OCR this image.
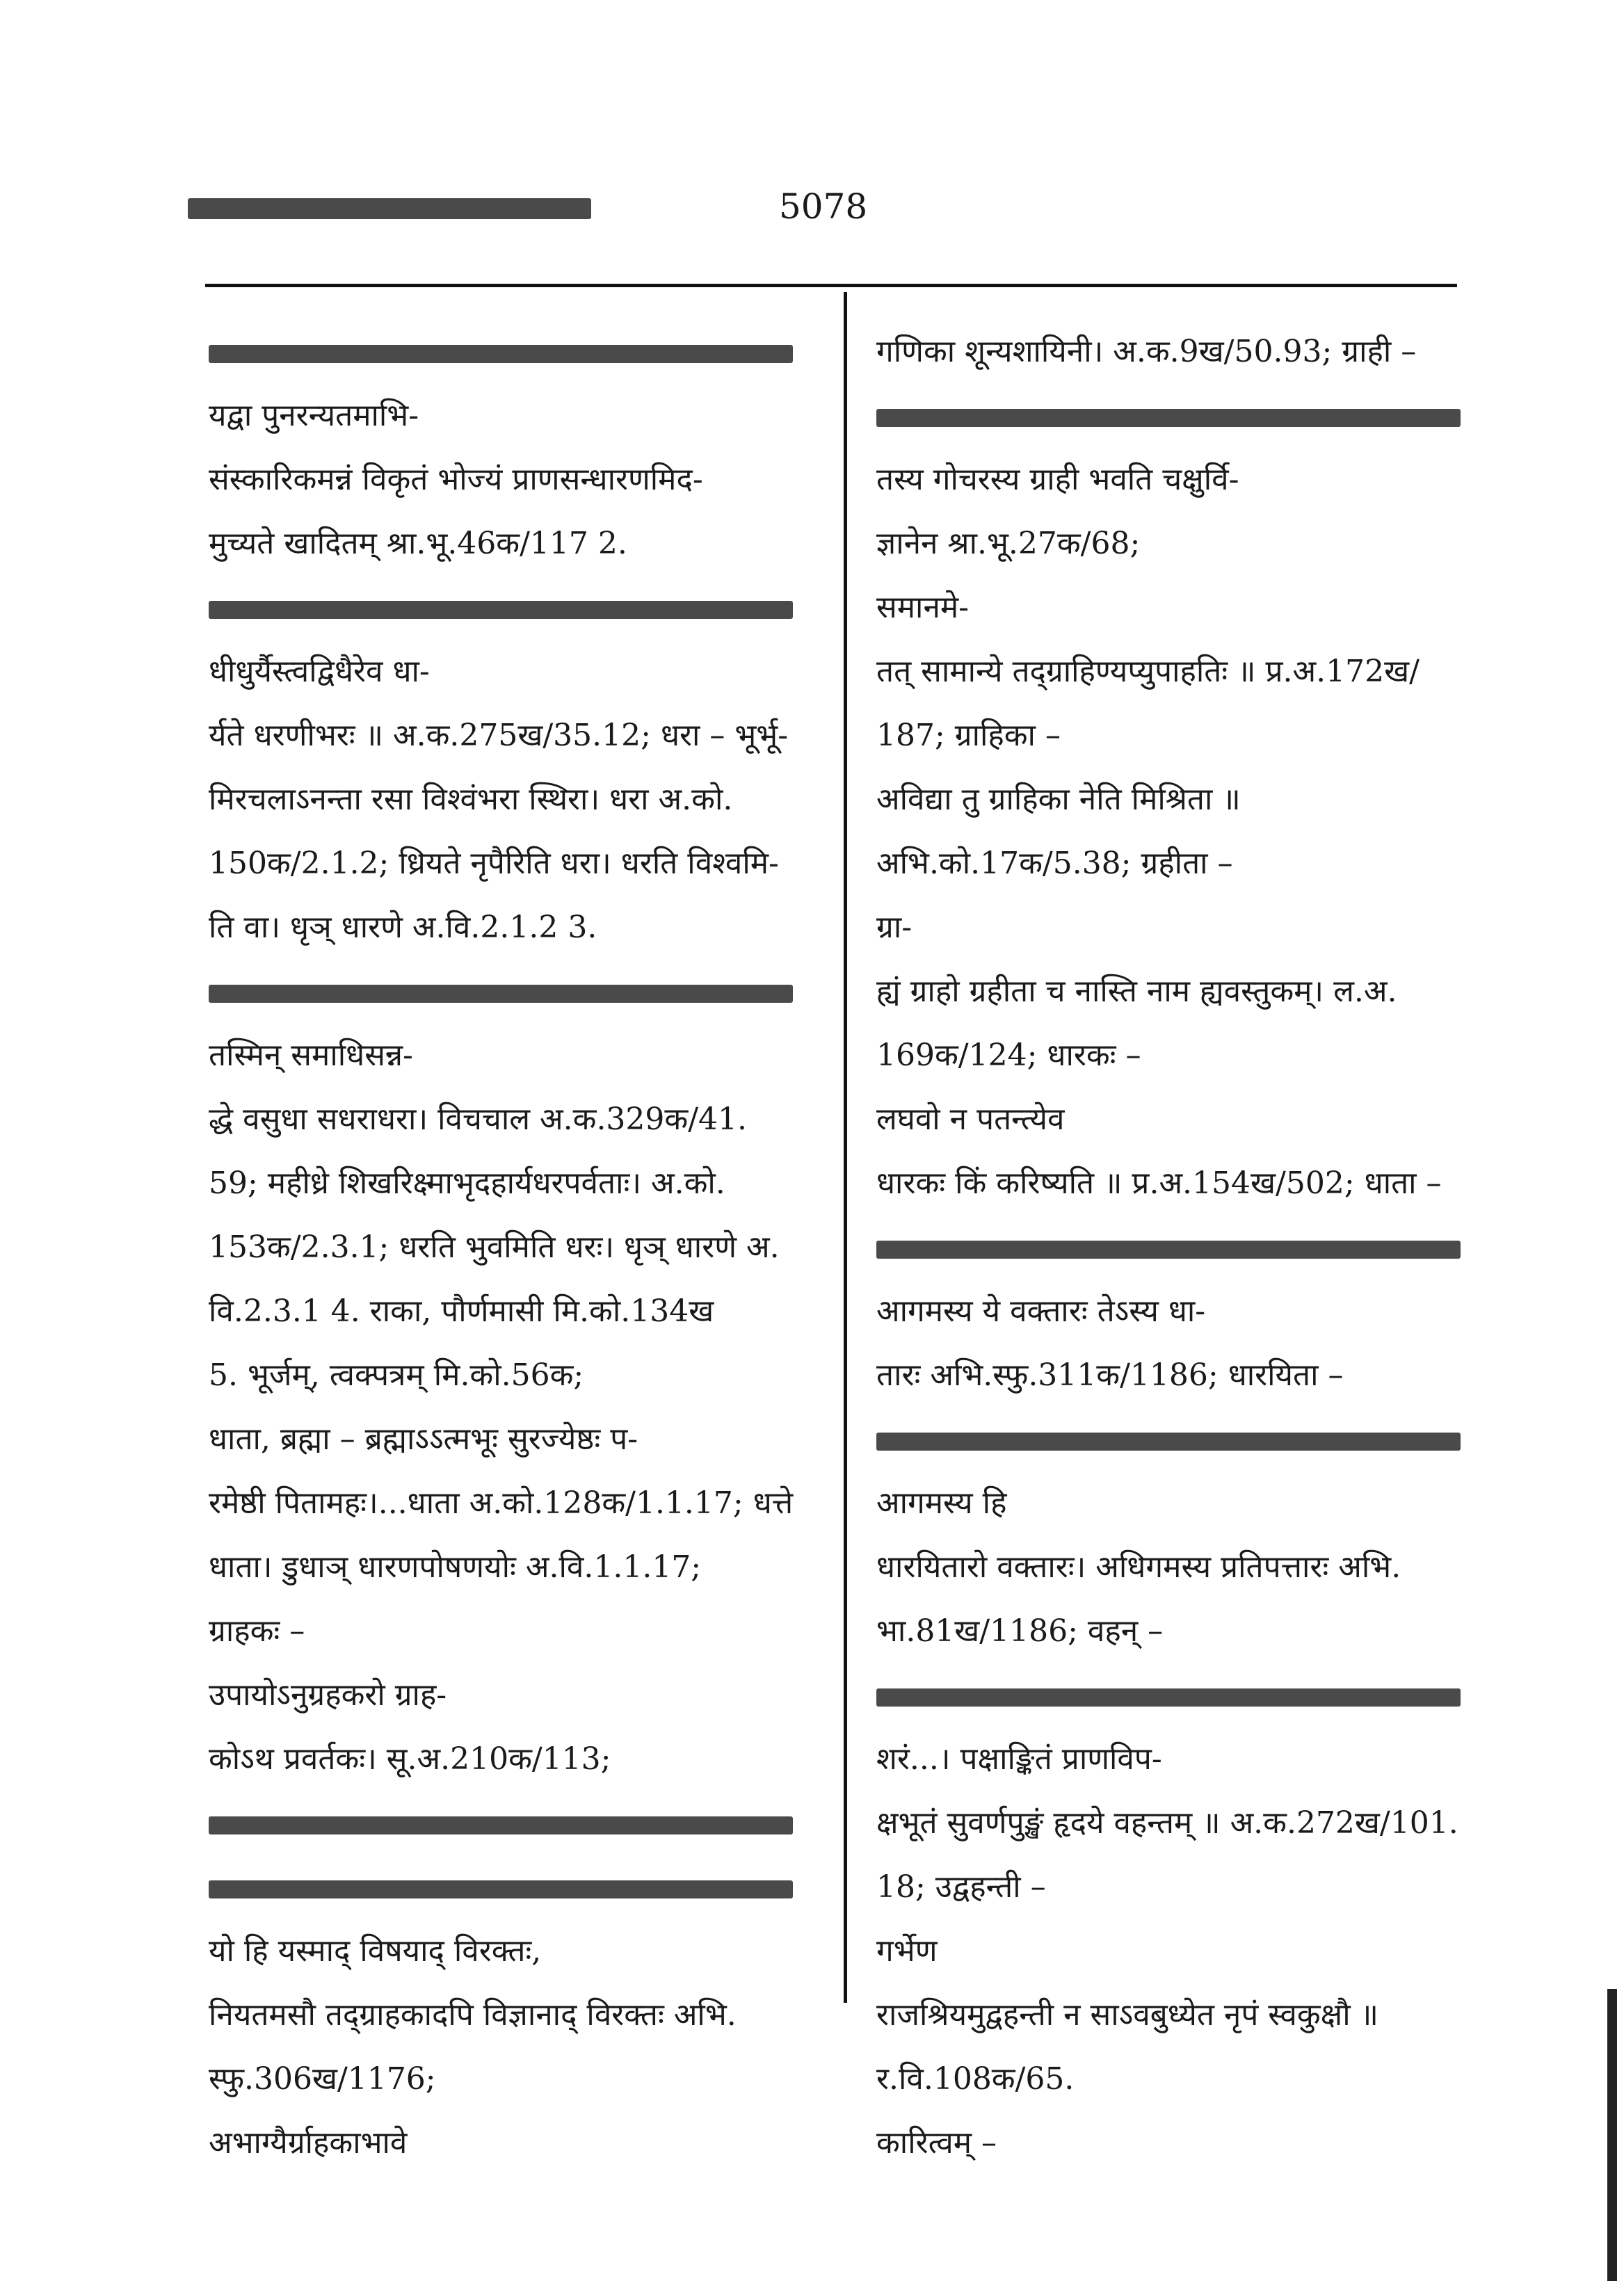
5078
यद्वा पुनरन्यतमाभि-
संस्कारिकमन्नं विकृतं भोज्यं प्राणसन्धारणमिद-
मुच्यते खादितम् श्रा.भू.46क/117 2.
धीधुर्यैस्त्वद्विधैरेव धा-
र्यते धरणीभरः ॥ अ.क.275ख/35.12; धरा – भूर्भू-
मिरचलाऽनन्ता रसा विश्वंभरा स्थिरा। धरा अ.को.
150क/2.1.2; ध्रियते नृपैरिति धरा। धरति विश्वमि-
ति वा। धृञ् धारणे अ.वि.2.1.2 3.
तस्मिन् समाधिसन्न-
द्धे वसुधा सधराधरा। विचचाल अ.क.329क/41.
59; महीध्रे शिखरिक्ष्माभृदहार्यधरपर्वताः। अ.को.
153क/2.3.1; धरति भुवमिति धरः। धृञ् धारणे अ.
वि.2.3.1 4. राका, पौर्णमासी मि.को.134ख
5. भूर्जम्, त्वक्पत्रम् मि.को.56क;
धाता, ब्रह्मा – ब्रह्माऽऽत्मभूः सुरज्येष्ठः प-
रमेष्ठी पितामहः।...धाता अ.को.128क/1.1.17; धत्ते
धाता। डुधाञ् धारणपोषणयोः अ.वि.1.1.17;
ग्राहकः –
उपायोऽनुग्रहकरो ग्राह-
कोऽथ प्रवर्तकः। सू.अ.210क/113;
यो हि यस्माद् विषयाद् विरक्तः,
नियतमसौ तद्ग्राहकादपि विज्ञानाद् विरक्तः अभि.
स्फु.306ख/1176;
अभाग्यैर्ग्राहकाभावे
गणिका शून्यशायिनी। अ.क.9ख/50.93; ग्राही –
तस्य गोचरस्य ग्राही भवति चक्षुर्वि-
ज्ञानेन श्रा.भू.27क/68;
समानमे-
तत् सामान्ये तद्ग्राहिण्यप्युपाहतिः ॥ प्र.अ.172ख/
187; ग्राहिका –
अविद्या तु ग्राहिका नेति मिश्रिता ॥
अभि.को.17क/5.38; ग्रहीता –
ग्रा-
ह्यं ग्राहो ग्रहीता च नास्ति नाम ह्यवस्तुकम्। ल.अ.
169क/124; धारकः –
लघवो न पतन्त्येव
धारकः किं करिष्यति ॥ प्र.अ.154ख/502; धाता –
आगमस्य ये वक्तारः तेऽस्य धा-
तारः अभि.स्फु.311क/1186; धारयिता –
आगमस्य हि
धारयितारो वक्तारः। अधिगमस्य प्रतिपत्तारः अभि.
भा.81ख/1186; वहन् –
शरं...। पक्षाङ्कितं प्राणविप-
क्षभूतं सुवर्णपुङ्खं हृदये वहन्तम् ॥ अ.क.272ख/101.
18; उद्वहन्ती –
गर्भेण
राजश्रियमुद्वहन्ती न साऽवबुध्येत नृपं स्वकुक्षौ ॥
र.वि.108क/65.
कारित्वम् –
